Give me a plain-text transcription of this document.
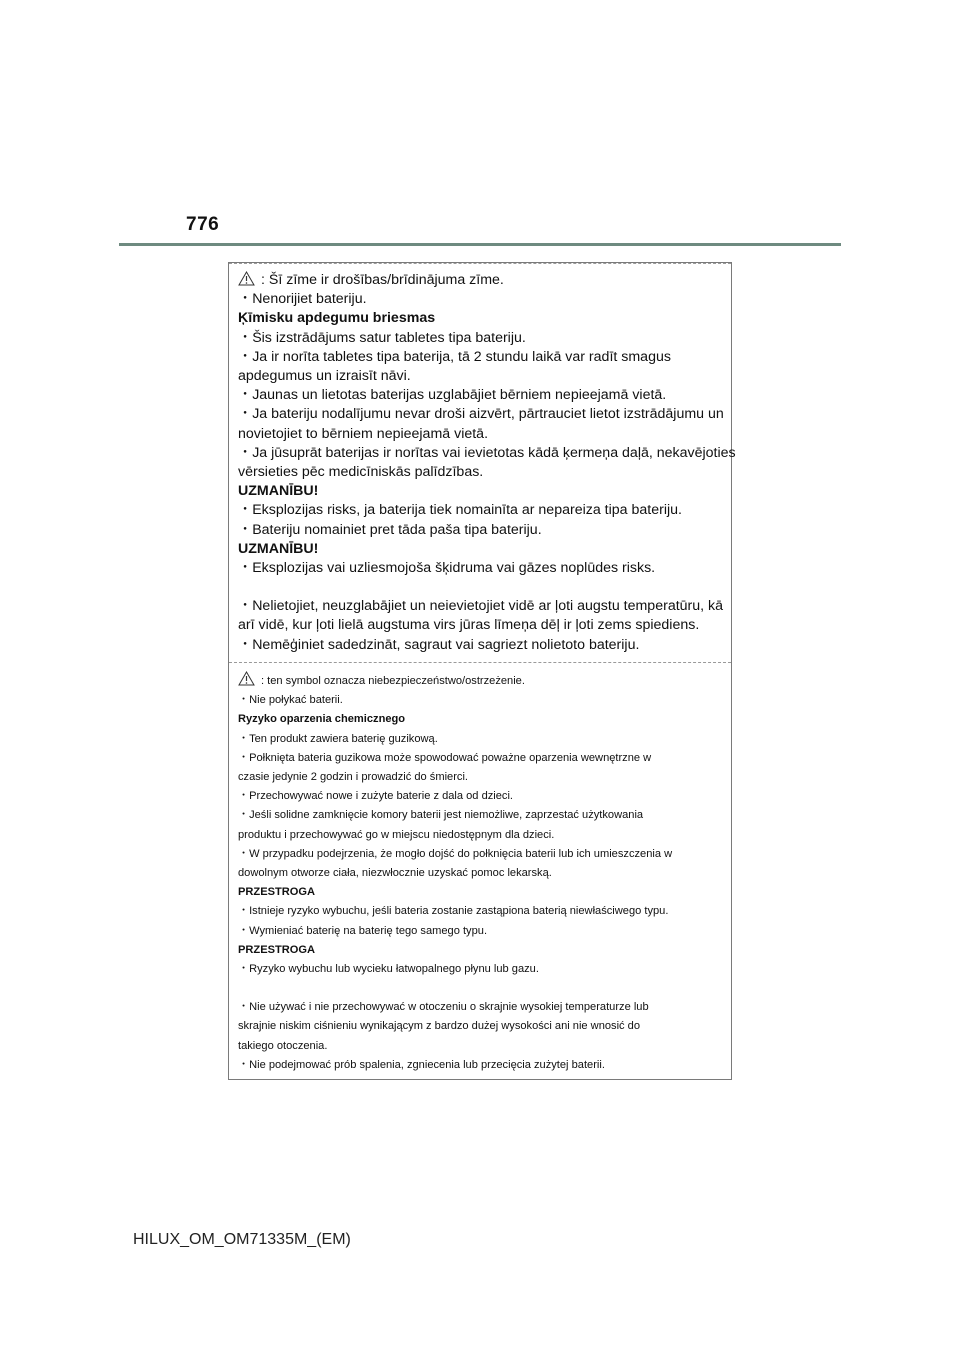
776
: Šī zīme ir drošības/brīdinājuma zīme.
・Nenorijiet bateriju.
Ķīmisku apdegumu briesmas
・Šis izstrādājums satur tabletes tipa bateriju.
・Ja ir norīta tabletes tipa baterija, tā 2 stundu laikā var radīt smagus
apdegumus un izraisīt nāvi.
・Jaunas un lietotas baterijas uzglabājiet bērniem nepieejamā vietā.
・Ja bateriju nodalījumu nevar droši aizvērt, pārtrauciet lietot izstrādājumu un
novietojiet to bērniem nepieejamā vietā.
・Ja jūsuprāt baterijas ir norītas vai ievietotas kādā ķermeņa daļā, nekavējoties
vērsieties pēc medicīniskās palīdzības.
UZMANĪBU!
・Eksplozijas risks, ja baterija tiek nomainīta ar nepareiza tipa bateriju.
・Bateriju nomainiet pret tāda paša tipa bateriju.
UZMANĪBU!
・Eksplozijas vai uzliesmojoša šķidruma vai gāzes noplūdes risks.
・Nelietojiet, neuzglabājiet un neievietojiet vidē ar ļoti augstu temperatūru, kā
arī vidē, kur ļoti lielā augstuma virs jūras līmeņa dēļ ir ļoti zems spiediens.
・Nemēģiniet sadedzināt, sagraut vai sagriezt nolietoto bateriju.
: ten symbol oznacza niebezpieczeństwo/ostrzeżenie.
・Nie połykać baterii.
Ryzyko oparzenia chemicznego
・Ten produkt zawiera baterię guzikową.
・Połknięta bateria guzikowa może spowodować poważne oparzenia wewnętrzne w
czasie jedynie 2 godzin i prowadzić do śmierci.
・Przechowywać nowe i zużyte baterie z dala od dzieci.
・Jeśli solidne zamknięcie komory baterii jest niemożliwe, zaprzestać użytkowania
produktu i przechowywać go w miejscu niedostępnym dla dzieci.
・W przypadku podejrzenia, że mogło dojść do połknięcia baterii lub ich umieszczenia w
dowolnym otworze ciała, niezwłocznie uzyskać pomoc lekarską.
PRZESTROGA
・Istnieje ryzyko wybuchu, jeśli bateria zostanie zastąpiona baterią niewłaściwego typu.
・Wymieniać baterię na baterię tego samego typu.
PRZESTROGA
・Ryzyko wybuchu lub wycieku łatwopalnego płynu lub gazu.
・Nie używać i nie przechowywać w otoczeniu o skrajnie wysokiej temperaturze lub
skrajnie niskim ciśnieniu wynikającym z bardzo dużej wysokości ani nie wnosić do
takiego otoczenia.
・Nie podejmować prób spalenia, zgniecenia lub przecięcia zużytej baterii.
HILUX_OM_OM71335M_(EM)
